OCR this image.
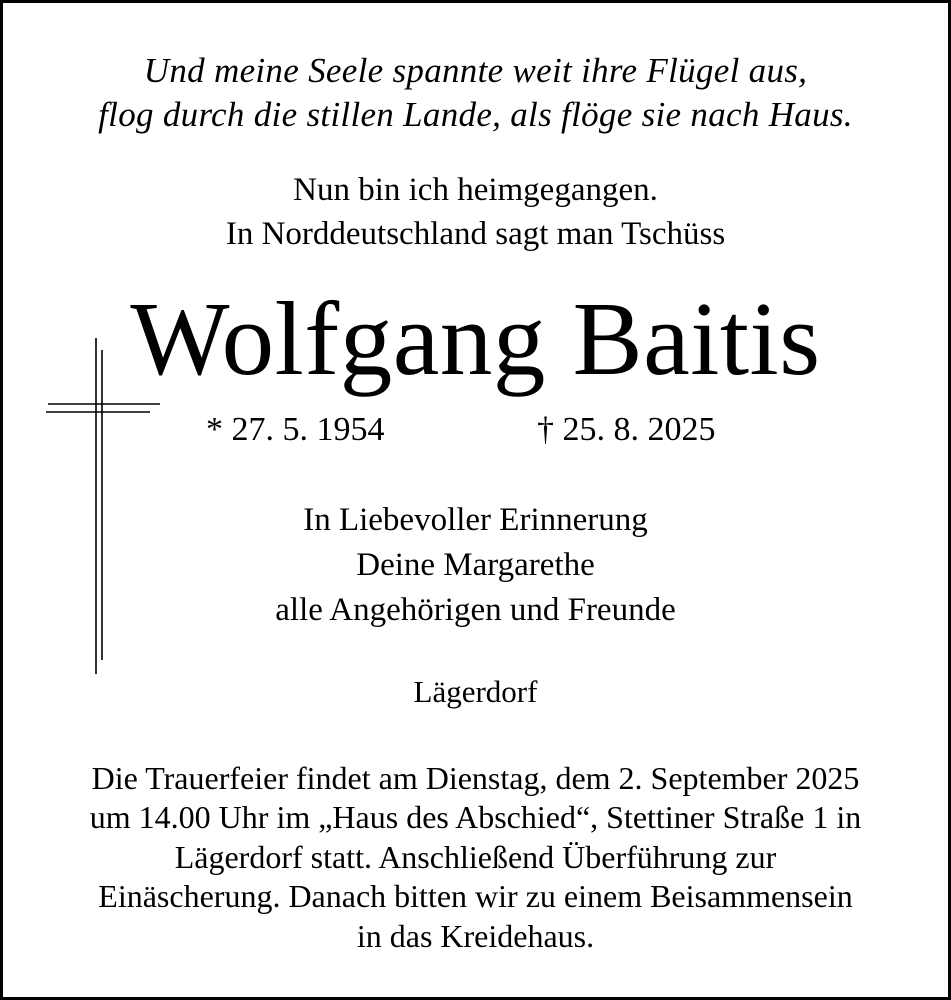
Und meine Seele spannte weit ihre Flügel aus,
flog durch die stillen Lande, als flöge sie nach Haus.
Nun bin ich heimgegangen.
In Norddeutschland sagt man Tschüss
Wolfgang Baitis
* 27. 5. 1954	† 25. 8. 2025
In Liebevoller Erinnerung
Deine Margarethe
alle Angehörigen und Freunde
Lägerdorf
Die Trauerfeier findet am Dienstag, dem 2. September 2025
um 14.00 Uhr im „Haus des Abschied“, Stettiner Straße 1 in
Lägerdorf statt. Anschließend Überführung zur
Einäscherung. Danach bitten wir zu einem Beisammensein
in das Kreidehaus.
